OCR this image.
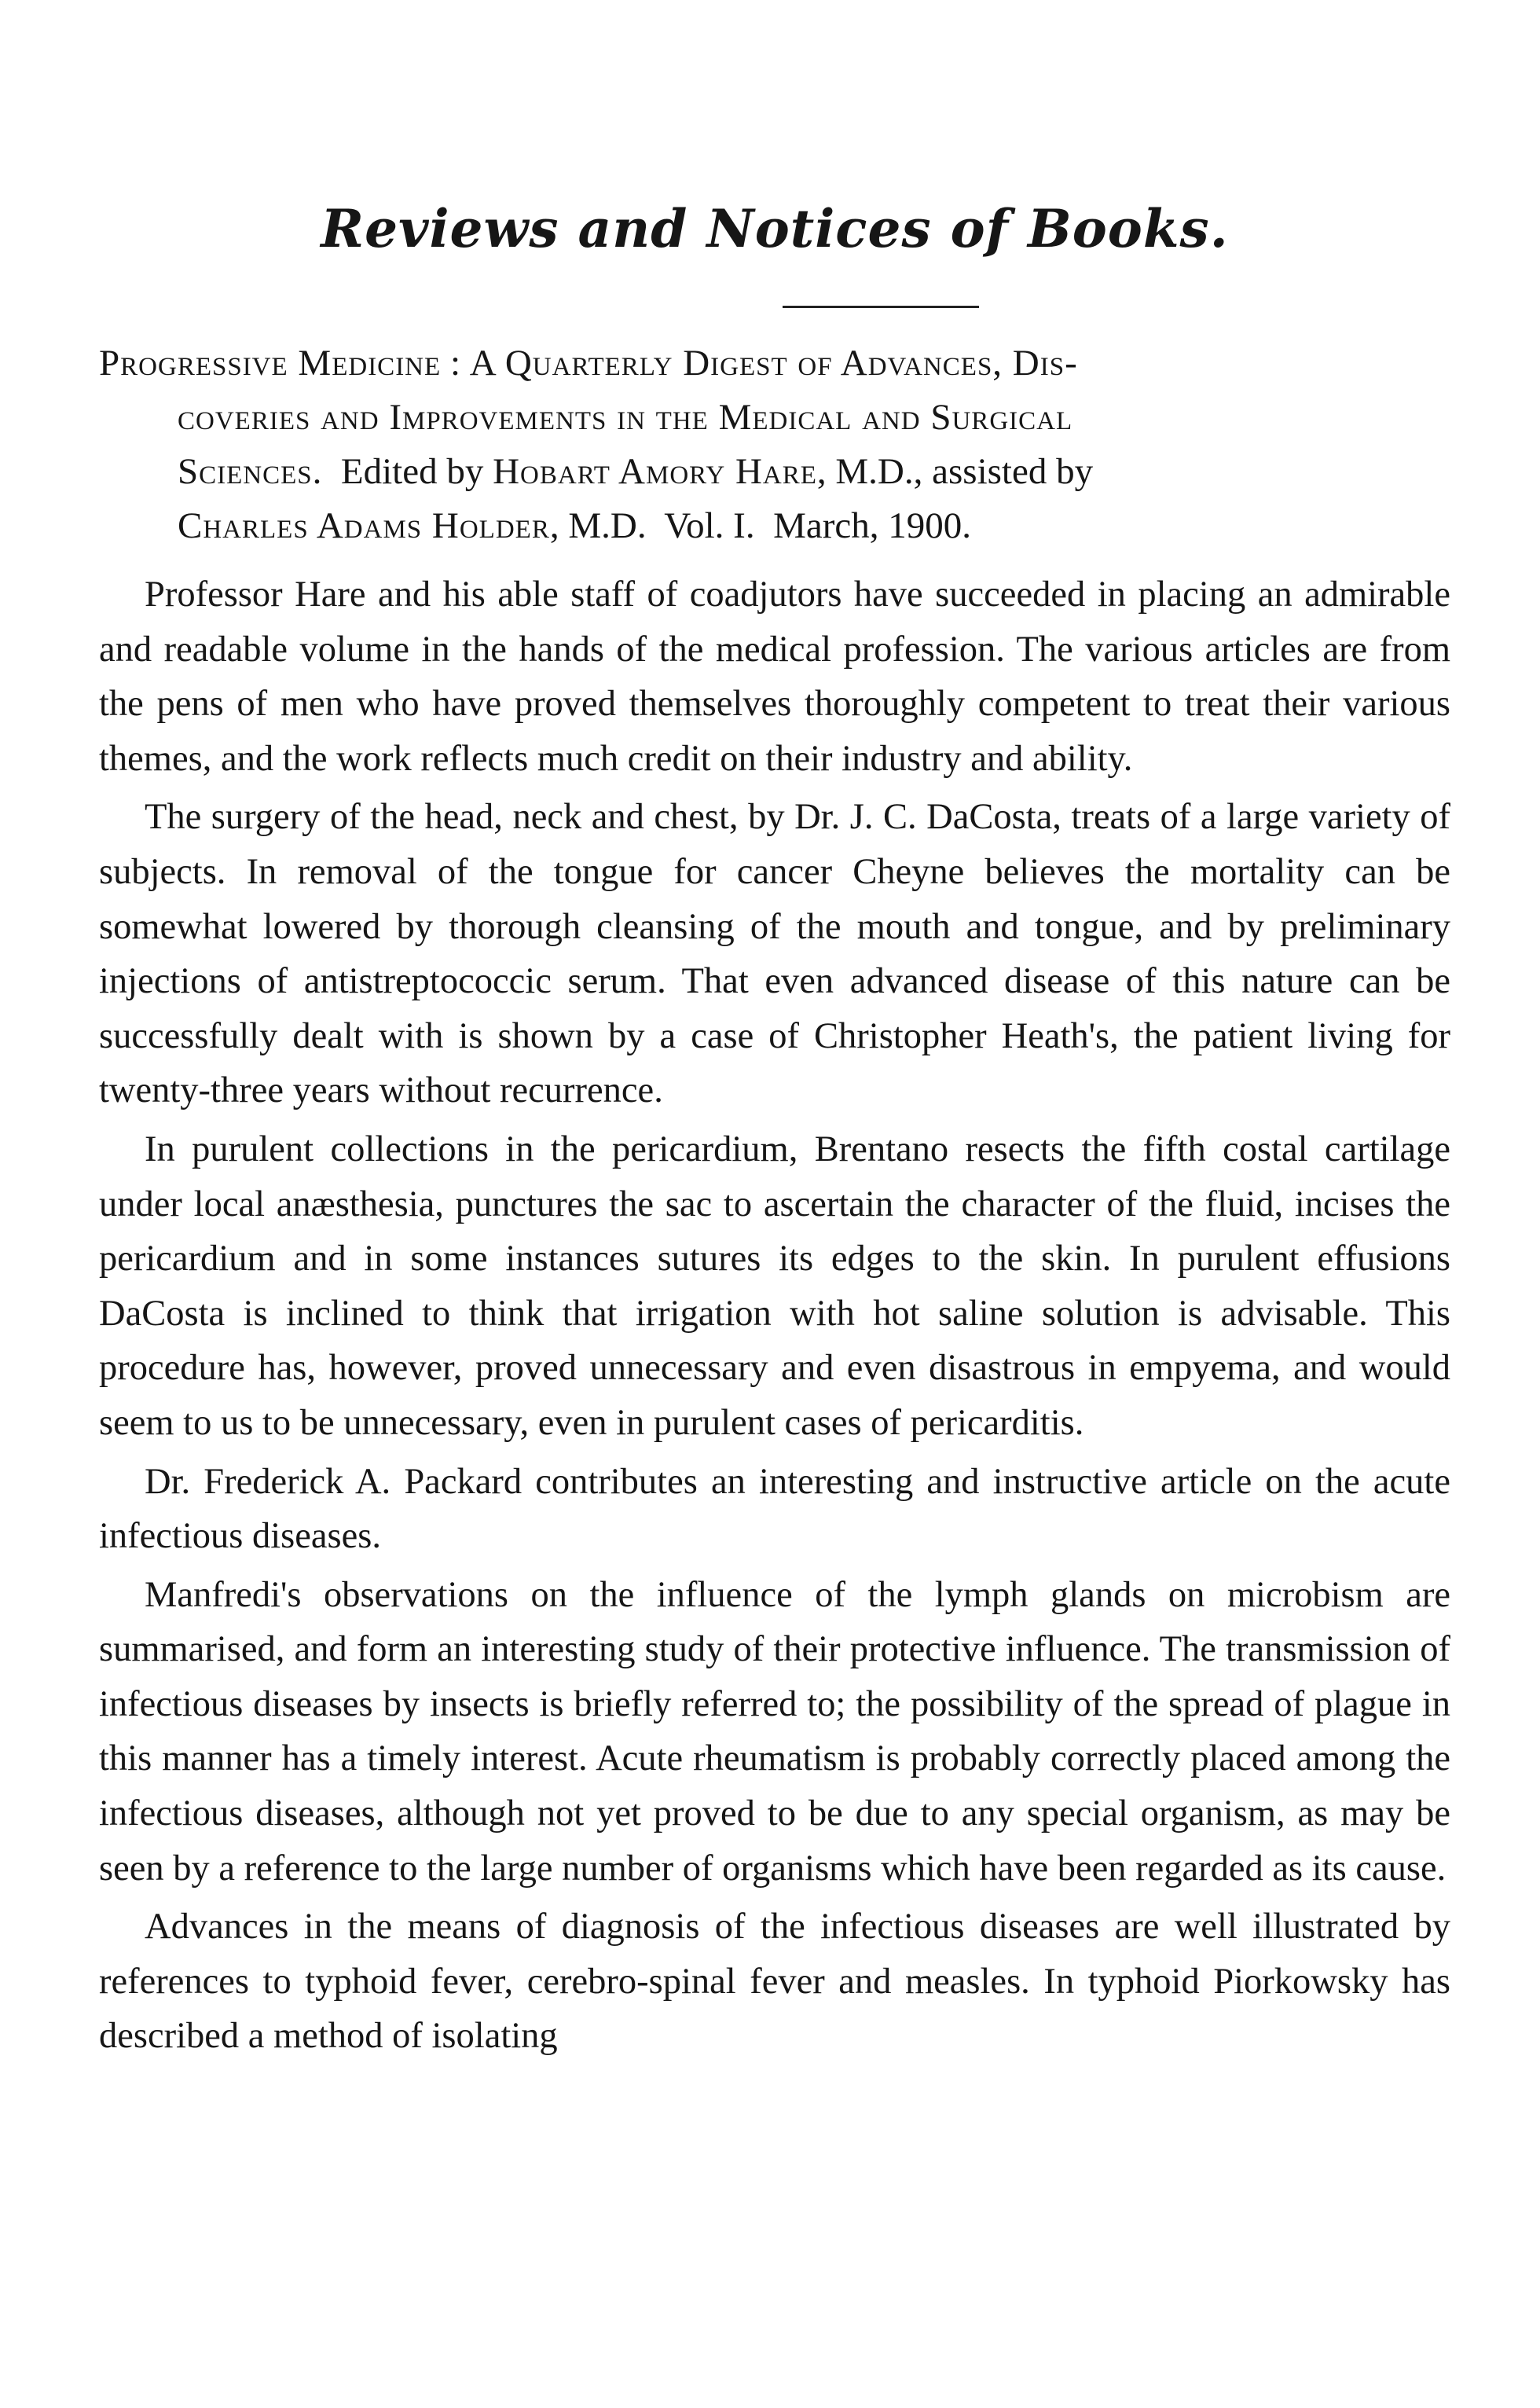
Reviews and Notices of Books.
Progressive Medicine : A Quarterly Digest of Advances, Dis-
coveries and Improvements in the Medical and Surgical
Sciences. Edited by Hobart Amory Hare, M.D., assisted by
Charles Adams Holder, M.D. Vol. I. March, 1900.

Professor Hare and his able staff of coadjutors have succeeded in placing an admirable and readable volume in the hands of the medical profession. The various articles are from the pens of men who have proved themselves thoroughly competent to treat their various themes, and the work reflects much credit on their industry and ability.

The surgery of the head, neck and chest, by Dr. J. C. DaCosta, treats of a large variety of subjects. In removal of the tongue for cancer Cheyne believes the mortality can be somewhat lowered by thorough cleansing of the mouth and tongue, and by preliminary injections of antistreptococcic serum. That even advanced disease of this nature can be successfully dealt with is shown by a case of Christopher Heath's, the patient living for twenty-three years without recurrence.

In purulent collections in the pericardium, Brentano resects the fifth costal cartilage under local anæsthesia, punctures the sac to ascertain the character of the fluid, incises the pericardium and in some instances sutures its edges to the skin. In purulent effusions DaCosta is inclined to think that irrigation with hot saline solution is advisable. This procedure has, however, proved unnecessary and even disastrous in empyema, and would seem to us to be unnecessary, even in purulent cases of pericarditis.

Dr. Frederick A. Packard contributes an interesting and instructive article on the acute infectious diseases.

Manfredi's observations on the influence of the lymph glands on microbism are summarised, and form an interesting study of their protective influence. The transmission of infectious diseases by insects is briefly referred to; the possibility of the spread of plague in this manner has a timely interest. Acute rheumatism is probably correctly placed among the infectious diseases, although not yet proved to be due to any special organism, as may be seen by a reference to the large number of organisms which have been regarded as its cause.

Advances in the means of diagnosis of the infectious diseases are well illustrated by references to typhoid fever, cerebro-spinal fever and measles. In typhoid Piorkowsky has described a method of isolating
